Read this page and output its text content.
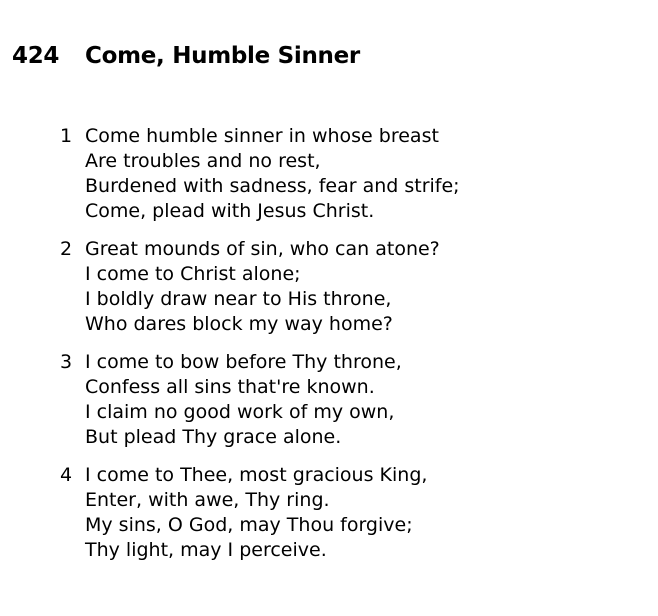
424	Come, Humble Sinner
1 Come humble sinner in whose breast
Are troubles and no rest,
Burdened with sadness, fear and strife;
Come, plead with Jesus Christ.
2 Great mounds of sin, who can atone?
I come to Christ alone;
I boldly draw near to His throne,
Who dares block my way home?
3 I come to bow before Thy throne,
Confess all sins that're known.
I claim no good work of my own,
But plead Thy grace alone.
4 I come to Thee, most gracious King,
Enter, with awe, Thy ring.
My sins, O God, may Thou forgive;
Thy light, may I perceive.
